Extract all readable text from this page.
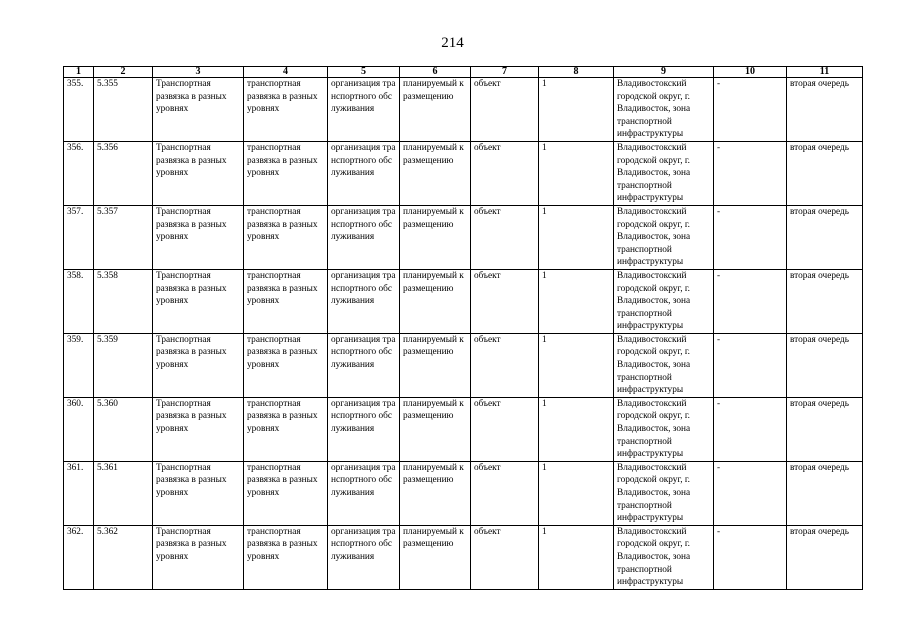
214
1	2	3	4	5	6	7	8	9	10	11
355.	5.355	Транспортная развязка в разных уровнях	транспортная развязка в разных уровнях	организация транспортного обслуживания	планируемый к размещению	объект	1	Владивостокский городской округ, г. Владивосток, зона транспортной инфраструктуры	-	вторая очередь
356.	5.356	Транспортная развязка в разных уровнях	транспортная развязка в разных уровнях	организация транспортного обслуживания	планируемый к размещению	объект	1	Владивостокский городской округ, г. Владивосток, зона транспортной инфраструктуры	-	вторая очередь
357.	5.357	Транспортная развязка в разных уровнях	транспортная развязка в разных уровнях	организация транспортного обслуживания	планируемый к размещению	объект	1	Владивостокский городской округ, г. Владивосток, зона транспортной инфраструктуры	-	вторая очередь
358.	5.358	Транспортная развязка в разных уровнях	транспортная развязка в разных уровнях	организация транспортного обслуживания	планируемый к размещению	объект	1	Владивостокский городской округ, г. Владивосток, зона транспортной инфраструктуры	-	вторая очередь
359.	5.359	Транспортная развязка в разных уровнях	транспортная развязка в разных уровнях	организация транспортного обслуживания	планируемый к размещению	объект	1	Владивостокский городской округ, г. Владивосток, зона транспортной инфраструктуры	-	вторая очередь
360.	5.360	Транспортная развязка в разных уровнях	транспортная развязка в разных уровнях	организация транспортного обслуживания	планируемый к размещению	объект	1	Владивостокский городской округ, г. Владивосток, зона транспортной инфраструктуры	-	вторая очередь
361.	5.361	Транспортная развязка в разных уровнях	транспортная развязка в разных уровнях	организация транспортного обслуживания	планируемый к размещению	объект	1	Владивостокский городской округ, г. Владивосток, зона транспортной инфраструктуры	-	вторая очередь
362.	5.362	Транспортная развязка в разных уровнях	транспортная развязка в разных уровнях	организация транспортного обслуживания	планируемый к размещению	объект	1	Владивостокский городской округ, г. Владивосток, зона транспортной инфраструктуры	-	вторая очередь
